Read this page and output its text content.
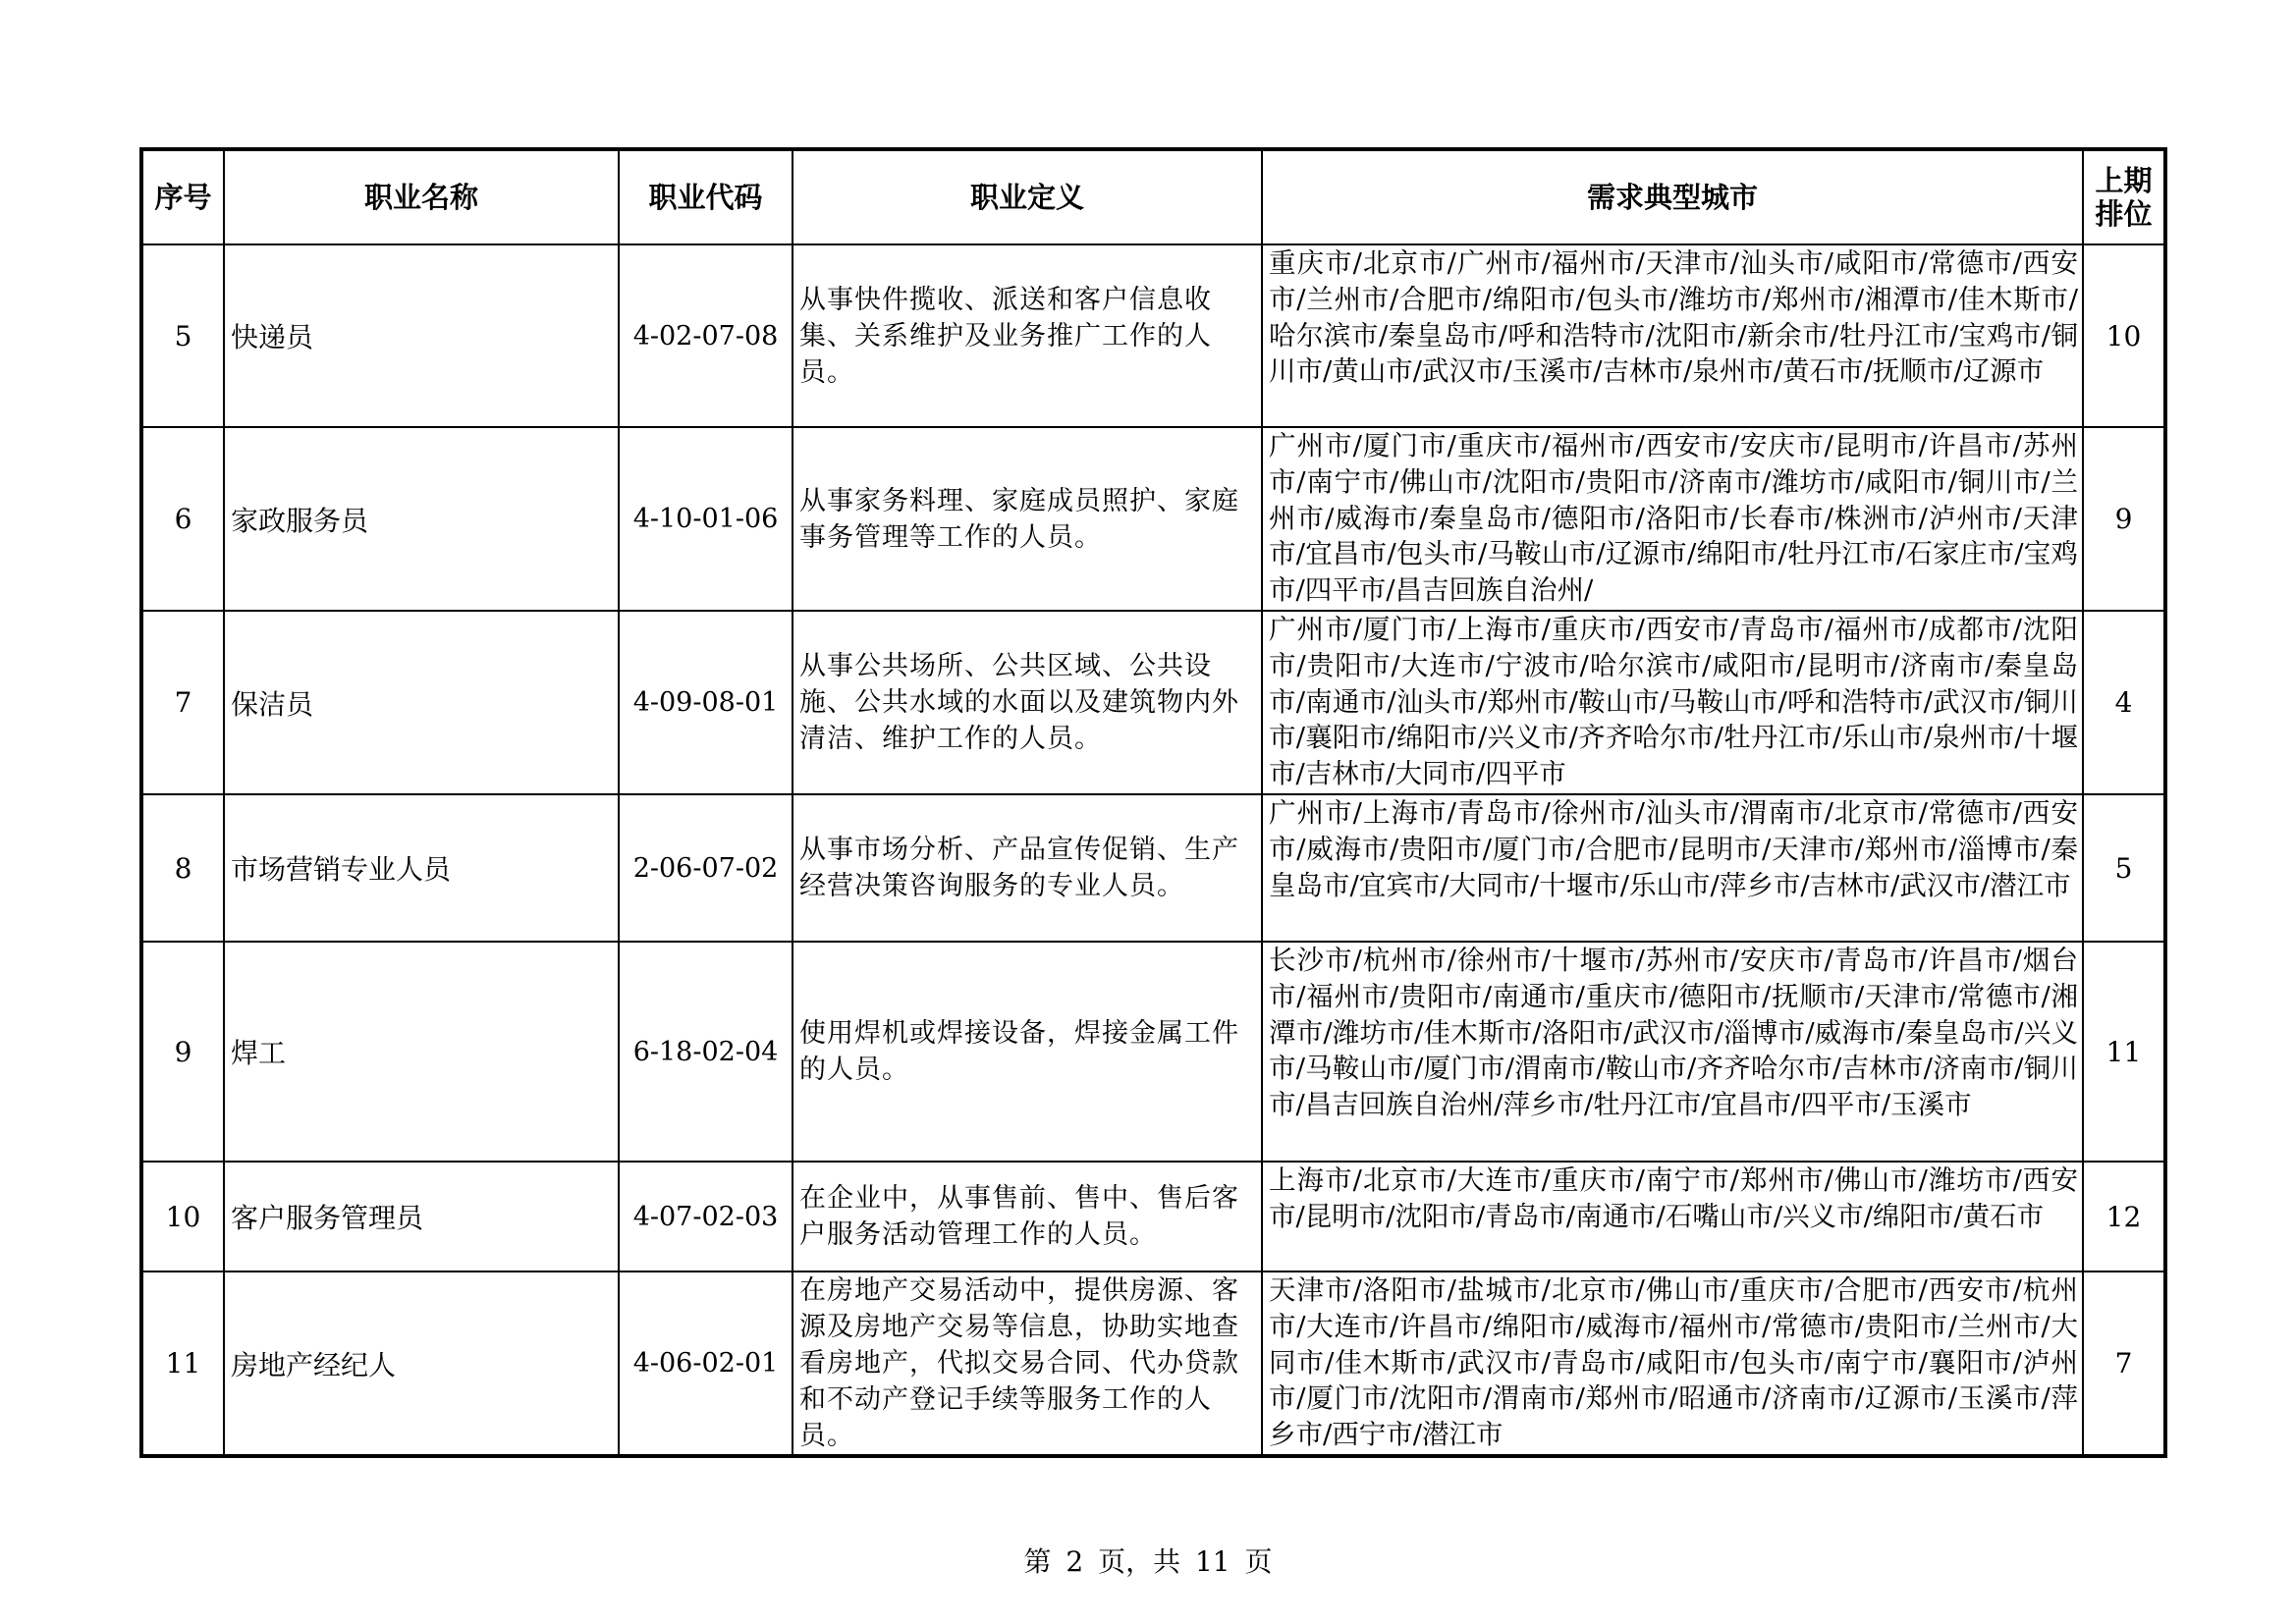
序号	职业名称	职业代码	职业定义	需求典型城市	上期排位
5	快递员	4-02-07-08	从事快件揽收、派送和客户信息收集、关系维护及业务推广工作的人员。	重庆市/北京市/广州市/福州市/天津市/汕头市/咸阳市/常德市/西安市/兰州市/合肥市/绵阳市/包头市/潍坊市/郑州市/湘潭市/佳木斯市/哈尔滨市/秦皇岛市/呼和浩特市/沈阳市/新余市/牡丹江市/宝鸡市/铜川市/黄山市/武汉市/玉溪市/吉林市/泉州市/黄石市/抚顺市/辽源市	10
6	家政服务员	4-10-01-06	从事家务料理、家庭成员照护、家庭事务管理等工作的人员。	广州市/厦门市/重庆市/福州市/西安市/安庆市/昆明市/许昌市/苏州市/南宁市/佛山市/沈阳市/贵阳市/济南市/潍坊市/咸阳市/铜川市/兰州市/威海市/秦皇岛市/德阳市/洛阳市/长春市/株洲市/泸州市/天津市/宜昌市/包头市/马鞍山市/辽源市/绵阳市/牡丹江市/石家庄市/宝鸡市/四平市/昌吉回族自治州/	9
7	保洁员	4-09-08-01	从事公共场所、公共区域、公共设施、公共水域的水面以及建筑物内外清洁、维护工作的人员。	广州市/厦门市/上海市/重庆市/西安市/青岛市/福州市/成都市/沈阳市/贵阳市/大连市/宁波市/哈尔滨市/咸阳市/昆明市/济南市/秦皇岛市/南通市/汕头市/郑州市/鞍山市/马鞍山市/呼和浩特市/武汉市/铜川市/襄阳市/绵阳市/兴义市/齐齐哈尔市/牡丹江市/乐山市/泉州市/十堰市/吉林市/大同市/四平市	4
8	市场营销专业人员	2-06-07-02	从事市场分析、产品宣传促销、生产经营决策咨询服务的专业人员。	广州市/上海市/青岛市/徐州市/汕头市/渭南市/北京市/常德市/西安市/威海市/贵阳市/厦门市/合肥市/昆明市/天津市/郑州市/淄博市/秦皇岛市/宜宾市/大同市/十堰市/乐山市/萍乡市/吉林市/武汉市/潜江市	5
9	焊工	6-18-02-04	使用焊机或焊接设备，焊接金属工件的人员。	长沙市/杭州市/徐州市/十堰市/苏州市/安庆市/青岛市/许昌市/烟台市/福州市/贵阳市/南通市/重庆市/德阳市/抚顺市/天津市/常德市/湘潭市/潍坊市/佳木斯市/洛阳市/武汉市/淄博市/威海市/秦皇岛市/兴义市/马鞍山市/厦门市/渭南市/鞍山市/齐齐哈尔市/吉林市/济南市/铜川市/昌吉回族自治州/萍乡市/牡丹江市/宜昌市/四平市/玉溪市	11
10	客户服务管理员	4-07-02-03	在企业中，从事售前、售中、售后客户服务活动管理工作的人员。	上海市/北京市/大连市/重庆市/南宁市/郑州市/佛山市/潍坊市/西安市/昆明市/沈阳市/青岛市/南通市/石嘴山市/兴义市/绵阳市/黄石市	12
11	房地产经纪人	4-06-02-01	在房地产交易活动中，提供房源、客源及房地产交易等信息，协助实地查看房地产，代拟交易合同、代办贷款和不动产登记手续等服务工作的人员。	天津市/洛阳市/盐城市/北京市/佛山市/重庆市/合肥市/西安市/杭州市/大连市/许昌市/绵阳市/威海市/福州市/常德市/贵阳市/兰州市/大同市/佳木斯市/武汉市/青岛市/咸阳市/包头市/南宁市/襄阳市/泸州市/厦门市/沈阳市/渭南市/郑州市/昭通市/济南市/辽源市/玉溪市/萍乡市/西宁市/潜江市	7
第 2 页，共 11 页
